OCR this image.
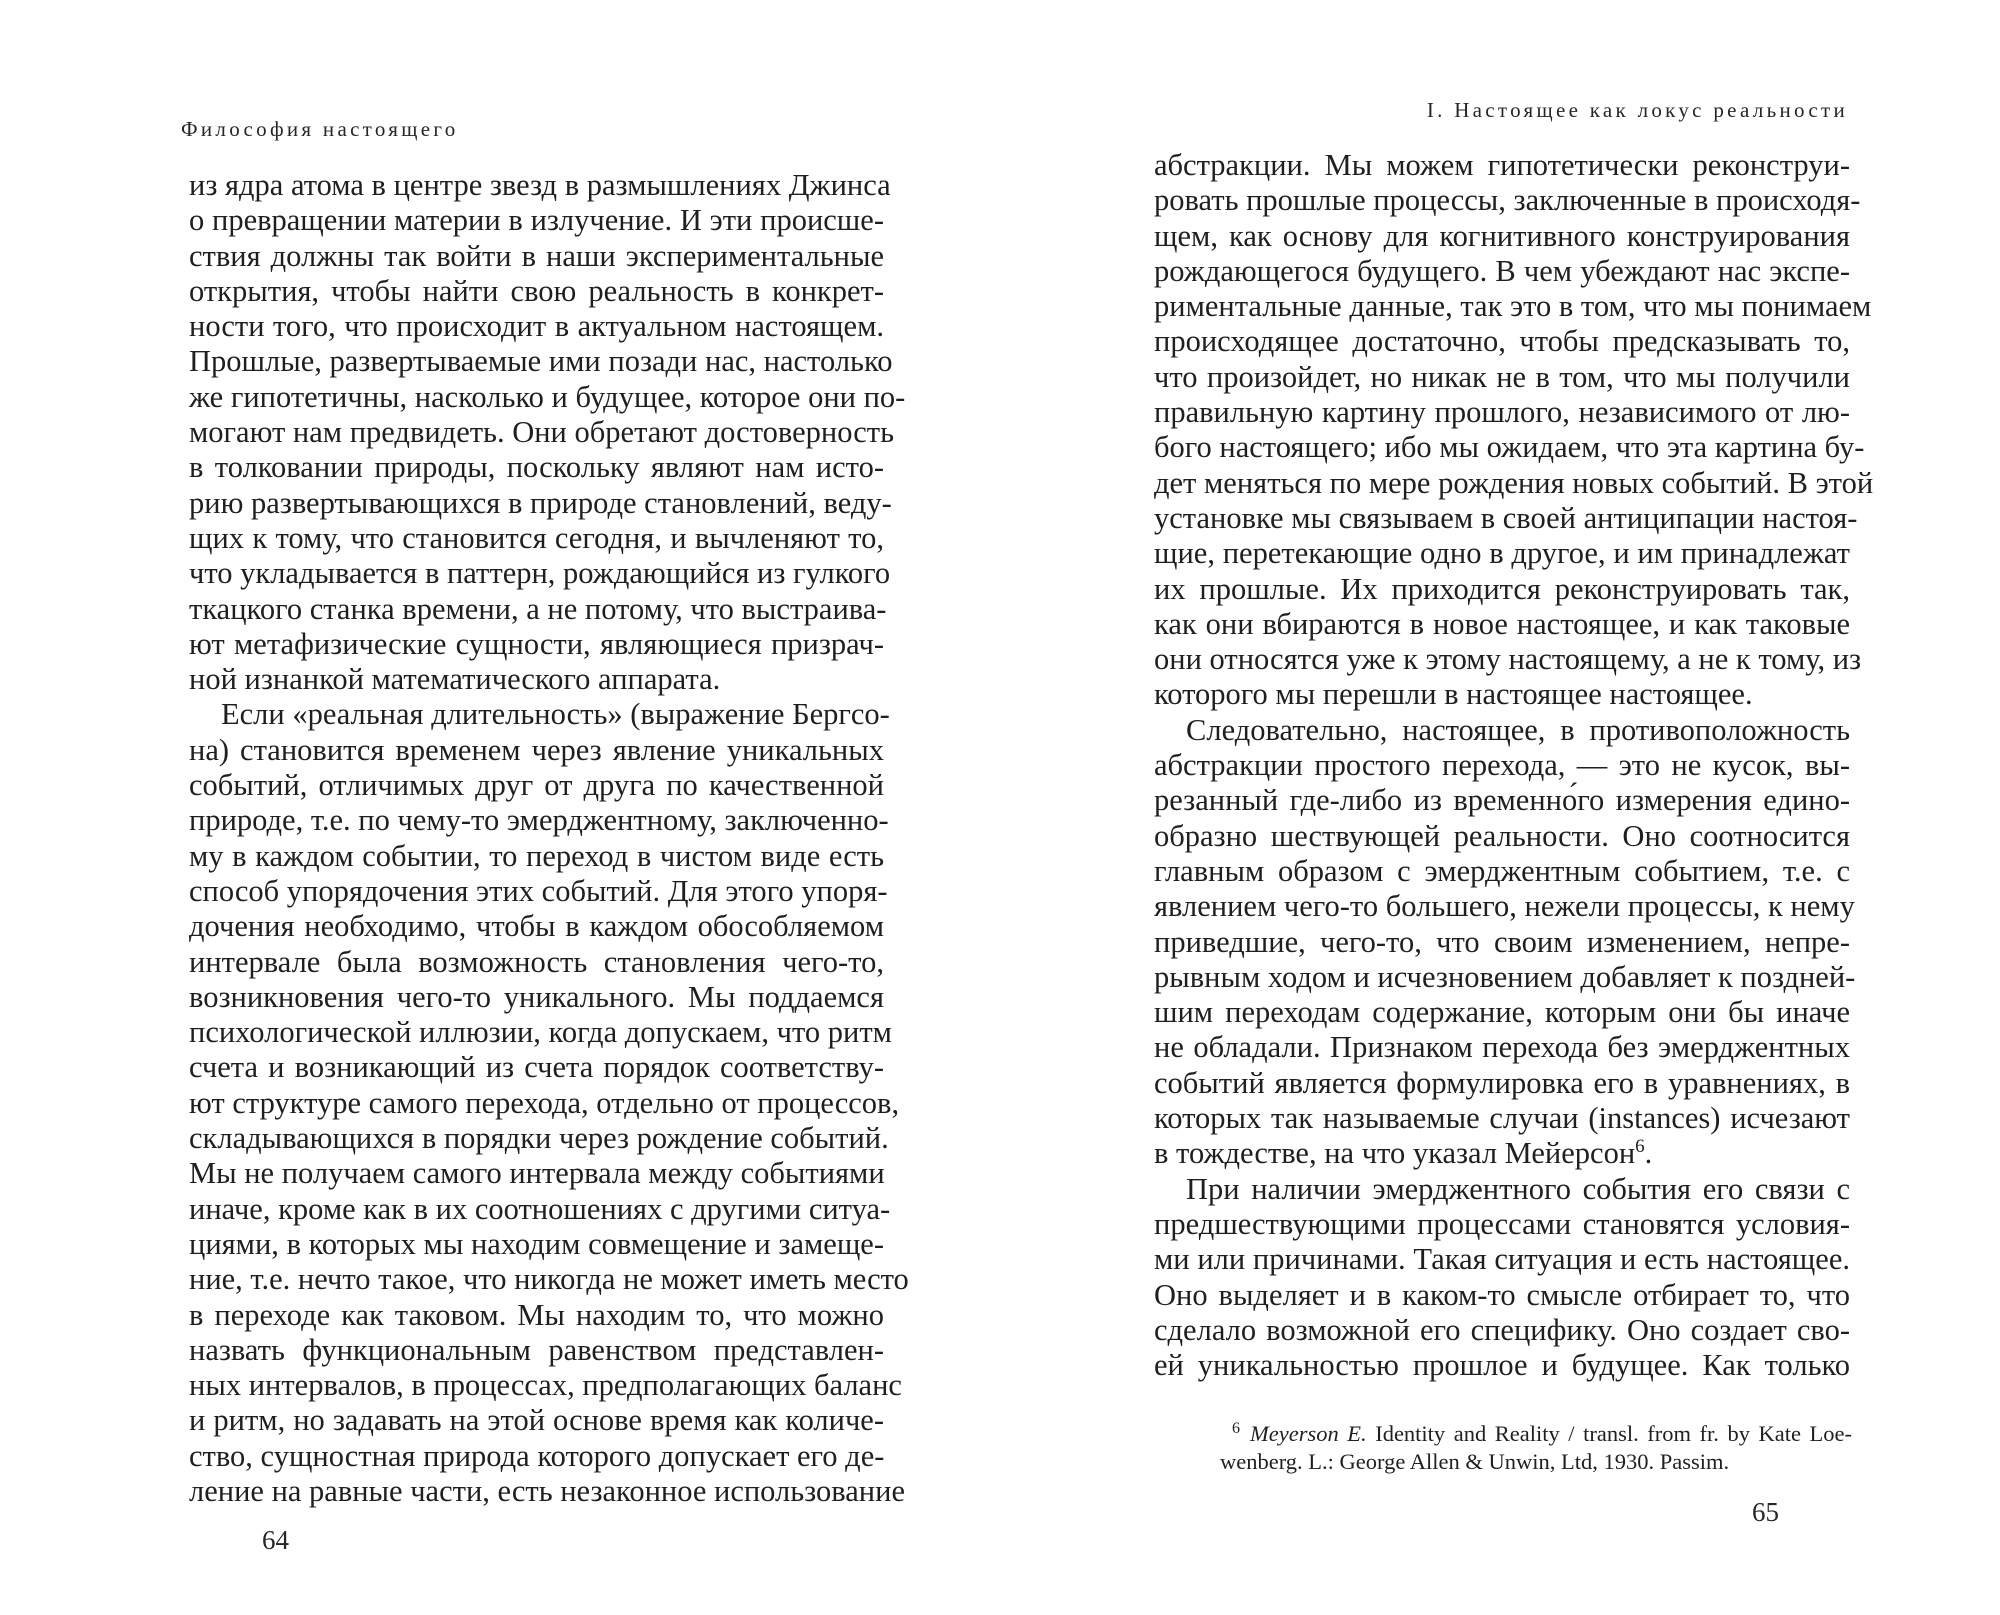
Философия настоящего
из ядра атома в центре звезд в размышлениях Джинса
о превращении материи в излучение. И эти происше-
ствия должны так войти в наши экспериментальные
открытия, чтобы найти свою реальность в конкрет-
ности того, что происходит в актуальном настоящем.
Прошлые, развертываемые ими позади нас, настолько
же гипотетичны, насколько и будущее, которое они по-
могают нам предвидеть. Они обретают достоверность
в толковании природы, поскольку являют нам исто-
рию развертывающихся в природе становлений, веду-
щих к тому, что становится сегодня, и вычленяют то,
что укладывается в паттерн, рождающийся из гулкого
ткацкого станка времени, а не потому, что выстраива-
ют метафизические сущности, являющиеся призрач-
ной изнанкой математического аппарата.
Если «реальная длительность» (выражение Бергсо-
на) становится временем через явление уникальных
событий, отличимых друг от друга по качественной
природе, т.е. по чему-то эмерджентному, заключенно-
му в каждом событии, то переход в чистом виде есть
способ упорядочения этих событий. Для этого упоря-
дочения необходимо, чтобы в каждом обособляемом
интервале была возможность становления чего-то,
возникновения чего-то уникального. Мы поддаемся
психологической иллюзии, когда допускаем, что ритм
счета и возникающий из счета порядок соответству-
ют структуре самого перехода, отдельно от процессов,
складывающихся в порядки через рождение событий.
Мы не получаем самого интервала между событиями
иначе, кроме как в их соотношениях с другими ситуа-
циями, в которых мы находим совмещение и замеще-
ние, т.е. нечто такое, что никогда не может иметь место
в переходе как таковом. Мы находим то, что можно
назвать функциональным равенством представлен-
ных интервалов, в процессах, предполагающих баланс
и ритм, но задавать на этой основе время как количе-
ство, сущностная природа которого допускает его де-
ление на равные части, есть незаконное использование
64
I. Настоящее как локус реальности
абстракции. Мы можем гипотетически реконструи-
ровать прошлые процессы, заключенные в происходя-
щем, как основу для когнитивного конструирования
рождающегося будущего. В чем убеждают нас экспе-
риментальные данные, так это в том, что мы понимаем
происходящее достаточно, чтобы предсказывать то,
что произойдет, но никак не в том, что мы получили
правильную картину прошлого, независимого от лю-
бого настоящего; ибо мы ожидаем, что эта картина бу-
дет меняться по мере рождения новых событий. В этой
установке мы связываем в своей антиципации настоя-
щие, перетекающие одно в другое, и им принадлежат
их прошлые. Их приходится реконструировать так,
как они вбираются в новое настоящее, и как таковые
они относятся уже к этому настоящему, а не к тому, из
которого мы перешли в настоящее настоящее.
Следовательно, настоящее, в противоположность
абстракции простого перехода, — это не кусок, вы-
резанный где-либо из временно́го измерения едино-
образно шествующей реальности. Оно соотносится
главным образом с эмерджентным событием, т.е. с
явлением чего-то большего, нежели процессы, к нему
приведшие, чего-то, что своим изменением, непре-
рывным ходом и исчезновением добавляет к поздней-
шим переходам содержание, которым они бы иначе
не обладали. Признаком перехода без эмерджентных
событий является формулировка его в уравнениях, в
которых так называемые случаи (instances) исчезают
в тождестве, на что указал Мейерсон$^6$.
При наличии эмерджентного события его связи с
предшествующими процессами становятся условия-
ми или причинами. Такая ситуация и есть настоящее.
Оно выделяет и в каком-то смысле отбирает то, что
сделало возможной его специфику. Оно создает сво-
ей уникальностью прошлое и будущее. Как только
$^6$ Meyerson E. Identity and Reality / transl. from fr. by Kate Loe-
wenberg. L.: George Allen & Unwin, Ltd, 1930. Passim.
65
